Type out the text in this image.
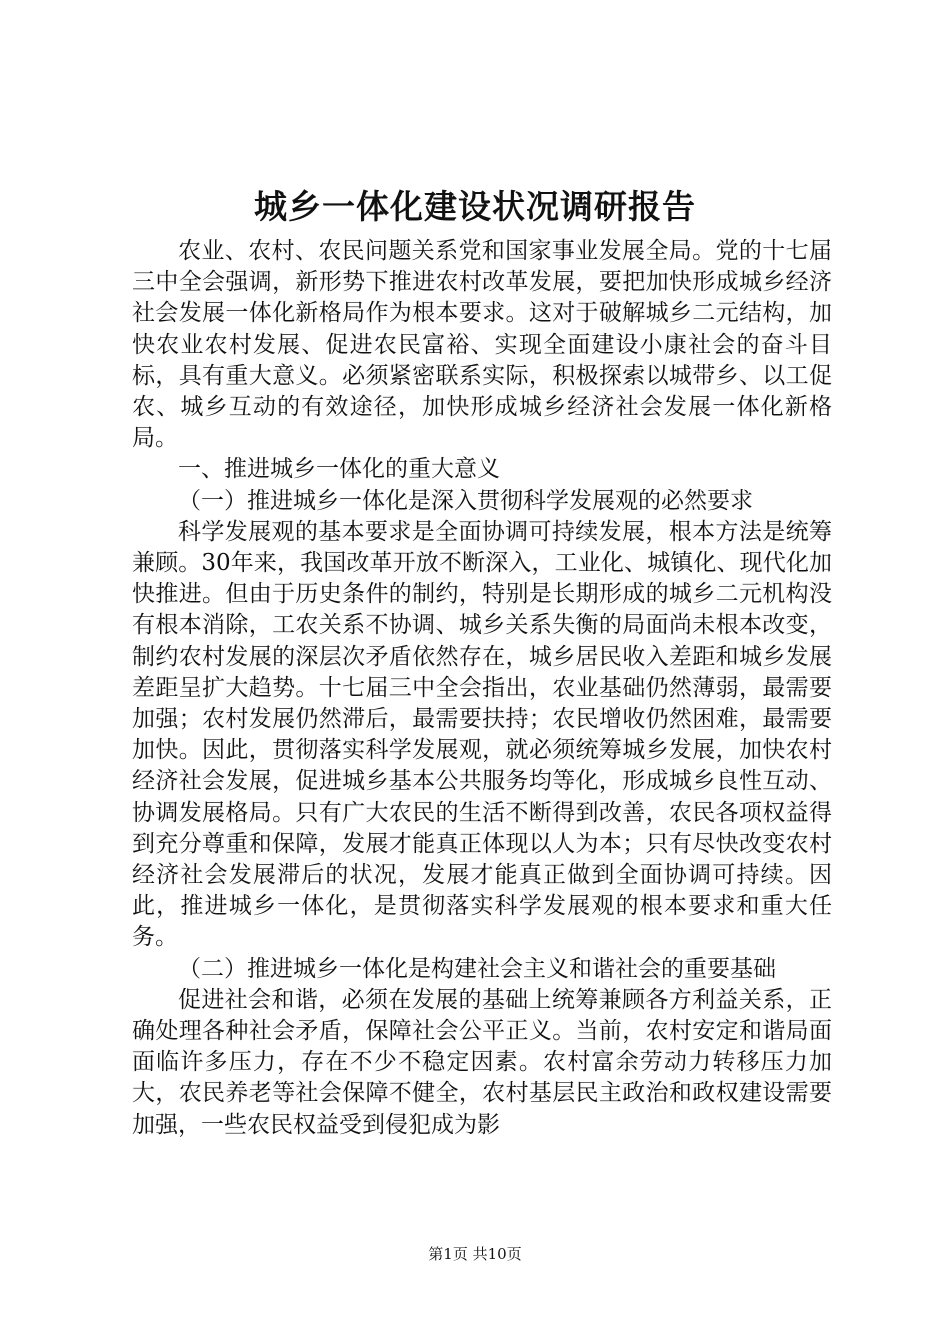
城乡一体化建设状况调研报告

农业、农村、农民问题关系党和国家事业发展全局。党的十七届三中全会强调，新形势下推进农村改革发展，要把加快形成城乡经济社会发展一体化新格局作为根本要求。这对于破解城乡二元结构，加快农业农村发展、促进农民富裕、实现全面建设小康社会的奋斗目标，具有重大意义。必须紧密联系实际，积极探索以城带乡、以工促农、城乡互动的有效途径，加快形成城乡经济社会发展一体化新格局。

一、推进城乡一体化的重大意义

（一）推进城乡一体化是深入贯彻科学发展观的必然要求

科学发展观的基本要求是全面协调可持续发展，根本方法是统筹兼顾。30年来，我国改革开放不断深入，工业化、城镇化、现代化加快推进。但由于历史条件的制约，特别是长期形成的城乡二元机构没有根本消除，工农关系不协调、城乡关系失衡的局面尚未根本改变，制约农村发展的深层次矛盾依然存在，城乡居民收入差距和城乡发展差距呈扩大趋势。十七届三中全会指出，农业基础仍然薄弱，最需要加强；农村发展仍然滞后，最需要扶持；农民增收仍然困难，最需要加快。因此，贯彻落实科学发展观，就必须统筹城乡发展，加快农村经济社会发展，促进城乡基本公共服务均等化，形成城乡良性互动、协调发展格局。只有广大农民的生活不断得到改善，农民各项权益得到充分尊重和保障，发展才能真正体现以人为本；只有尽快改变农村经济社会发展滞后的状况，发展才能真正做到全面协调可持续。因此，推进城乡一体化，是贯彻落实科学发展观的根本要求和重大任务。

（二）推进城乡一体化是构建社会主义和谐社会的重要基础

促进社会和谐，必须在发展的基础上统筹兼顾各方利益关系，正确处理各种社会矛盾，保障社会公平正义。当前，农村安定和谐局面面临许多压力，存在不少不稳定因素。农村富余劳动力转移压力加大，农民养老等社会保障不健全，农村基层民主政治和政权建设需要加强，一些农民权益受到侵犯成为影

第1页 共10页
